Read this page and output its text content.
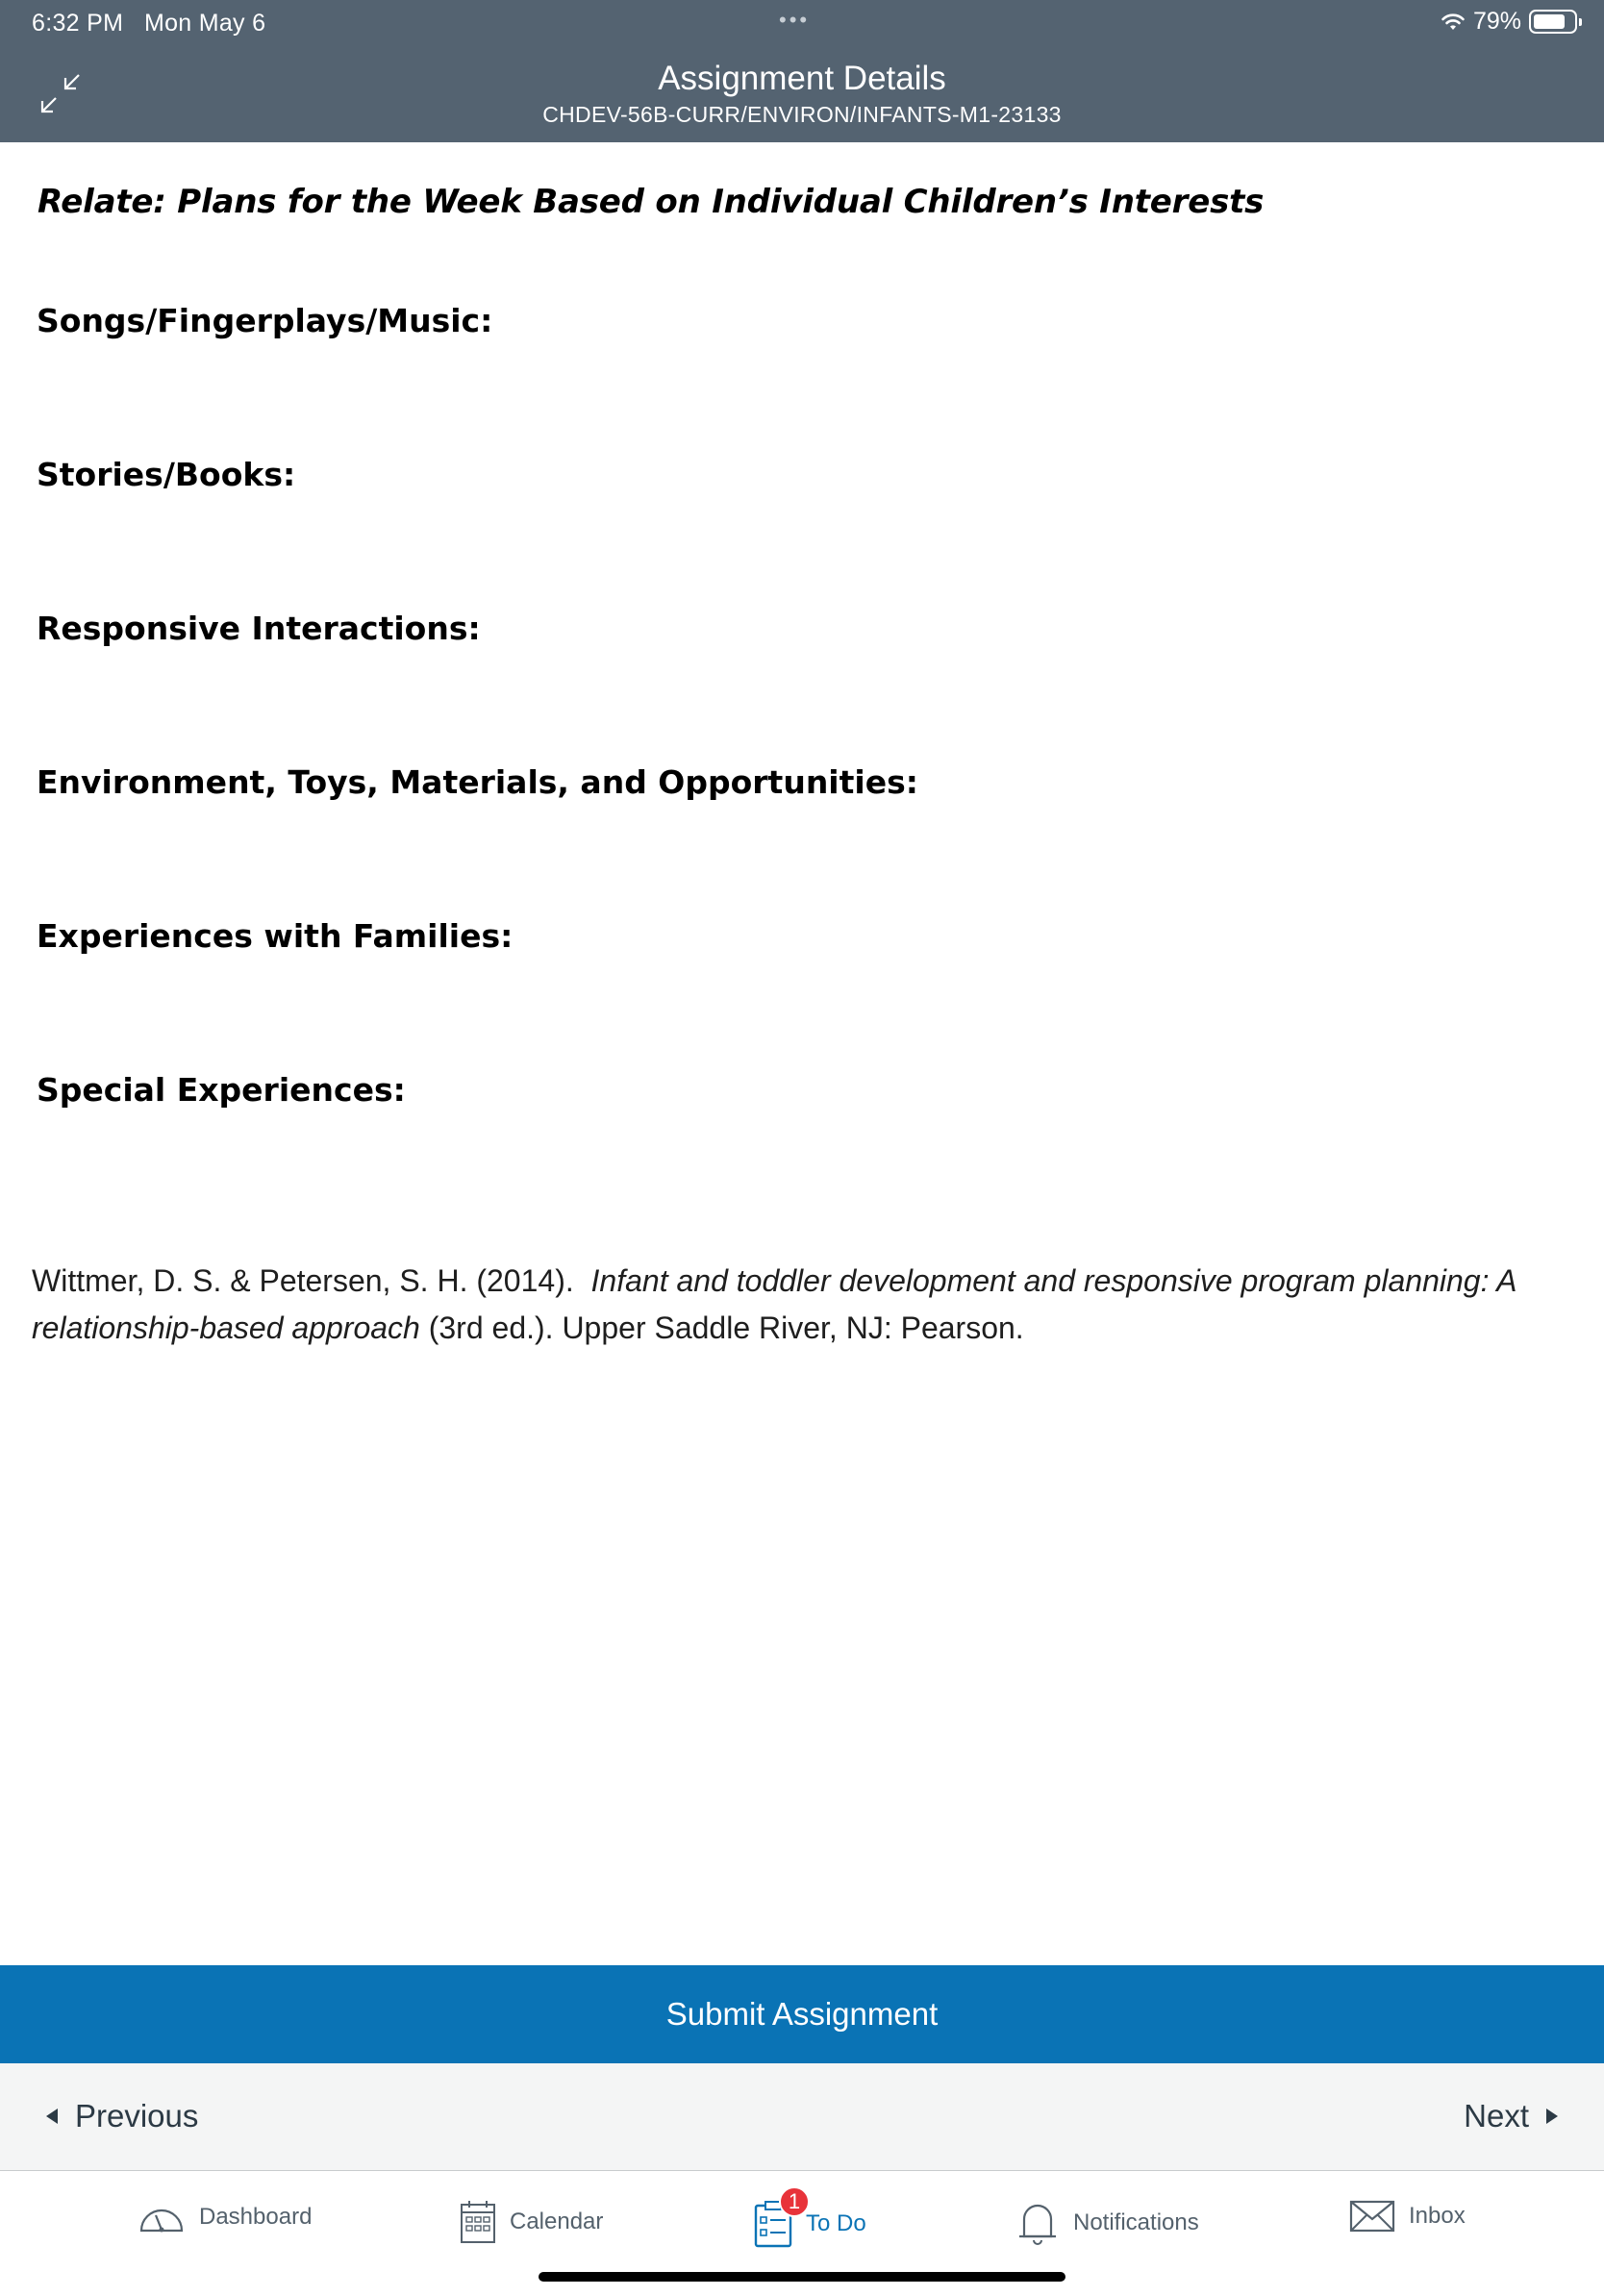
6:32 PM Mon May 6	•••	79%
Assignment Details
CHDEV-56B-CURR/ENVIRON/INFANTS-M1-23133
Relate: Plans for the Week Based on Individual Children’s Interests
Songs/Fingerplays/Music:
Stories/Books:
Responsive Interactions:
Environment, Toys, Materials, and Opportunities:
Experiences with Families:
Special Experiences:
Wittmer, D. S. & Petersen, S. H. (2014). Infant and toddler development and responsive program planning: A relationship-based approach (3rd ed.). Upper Saddle River, NJ: Pearson.
Submit Assignment
Previous	Next
Dashboard	Calendar
1
To Do	Notifications	Inbox
